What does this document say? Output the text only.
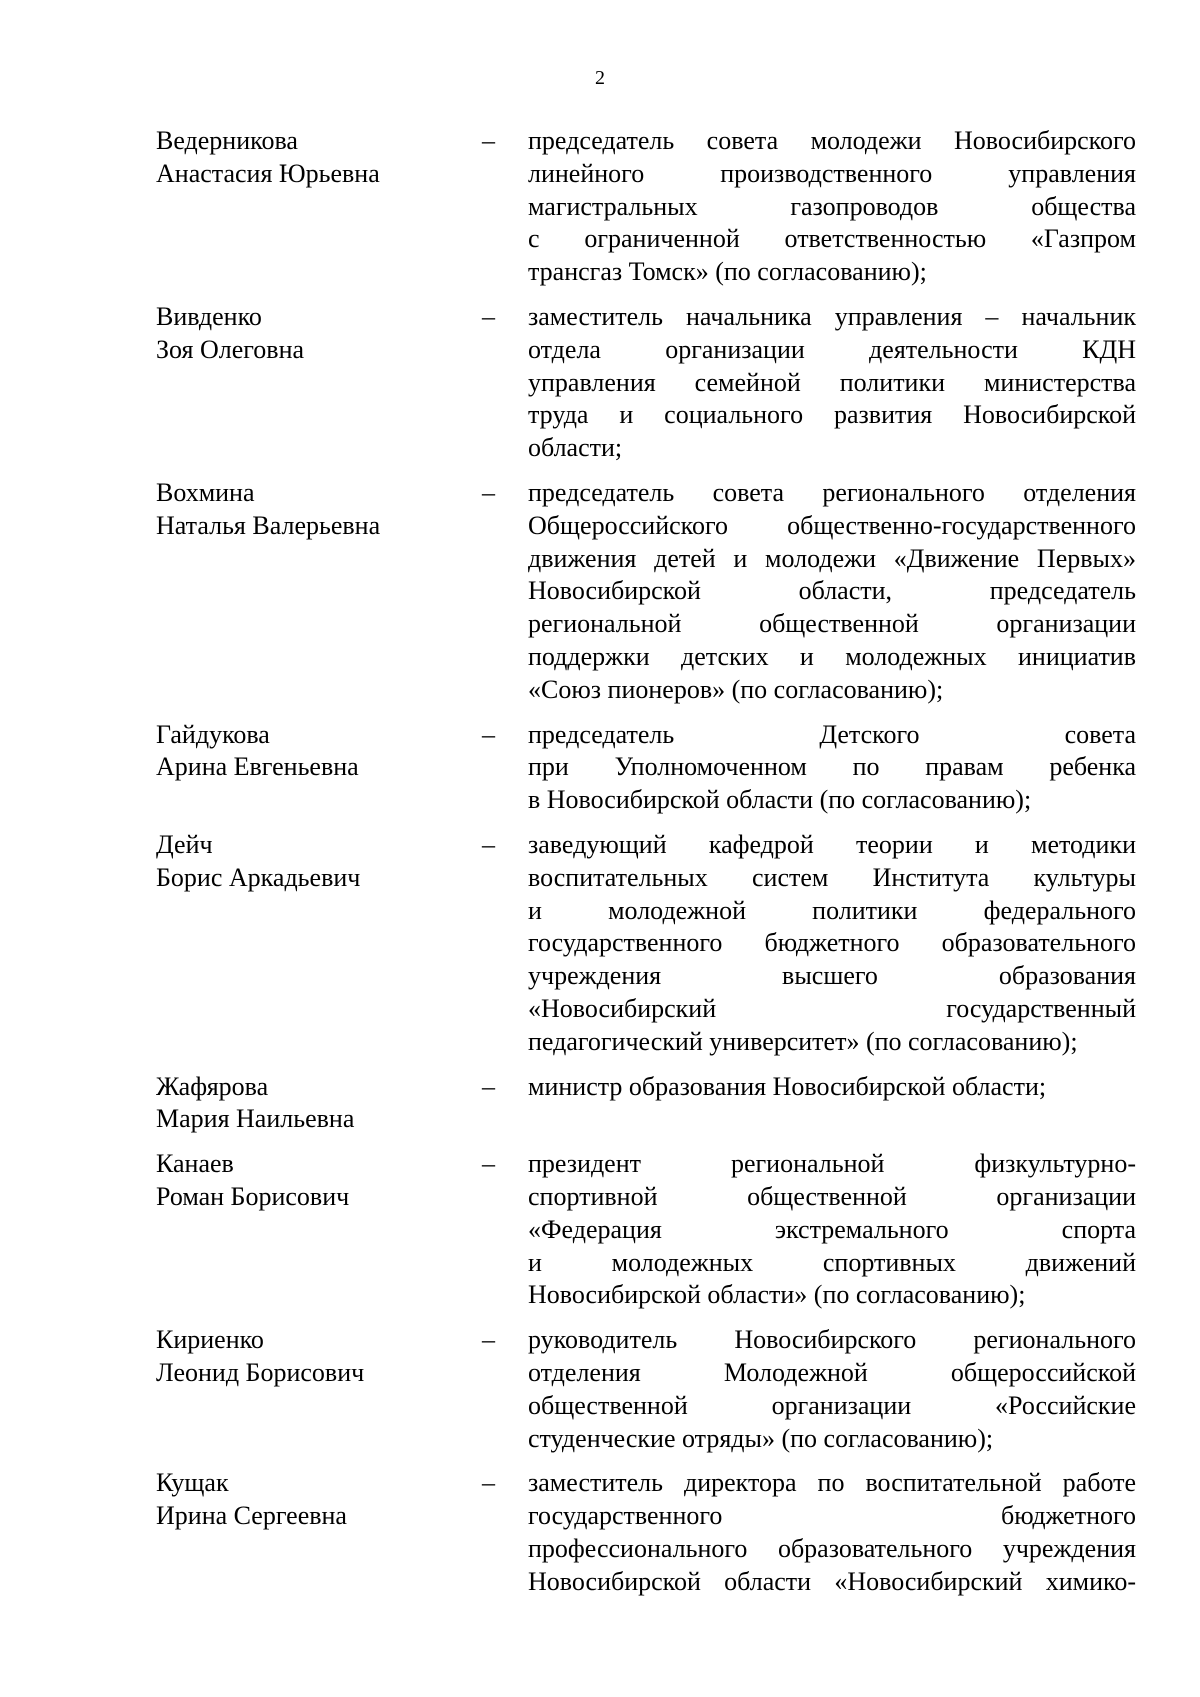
2
Ведерникова
Анастасия Юрьевна
– председатель совета молодежи Новосибирского
линейного производственного управления
магистральных газопроводов общества
с ограниченной ответственностью «Газпром
трансгаз Томск» (по согласованию);
Вивденко
Зоя Олеговна
– заместитель начальника управления – начальник
отдела организации деятельности КДН
управления семейной политики министерства
труда и социального развития Новосибирской
области;
Вохмина
Наталья Валерьевна
– председатель совета регионального отделения
Общероссийского общественно-государственного
движения детей и молодежи «Движение Первых»
Новосибирской области, председатель
региональной общественной организации
поддержки детских и молодежных инициатив
«Союз пионеров» (по согласованию);
Гайдукова
Арина Евгеньевна
– председатель Детского совета
при Уполномоченном по правам ребенка
в Новосибирской области (по согласованию);
Дейч
Борис Аркадьевич
– заведующий кафедрой теории и методики
воспитательных систем Института культуры
и молодежной политики федерального
государственного бюджетного образовательного
учреждения высшего образования
«Новосибирский государственный
педагогический университет» (по согласованию);
Жафярова
Мария Наильевна
– министр образования Новосибирской области;
Канаев
Роман Борисович
– президент региональной физкультурно-
спортивной общественной организации
«Федерация экстремального спорта
и молодежных спортивных движений
Новосибирской области» (по согласованию);
Кириенко
Леонид Борисович
– руководитель Новосибирского регионального
отделения Молодежной общероссийской
общественной организации «Российские
студенческие отряды» (по согласованию);
Кущак
Ирина Сергеевна
– заместитель директора по воспитательной работе
государственного бюджетного
профессионального образовательного учреждения
Новосибирской области «Новосибирский химико-
